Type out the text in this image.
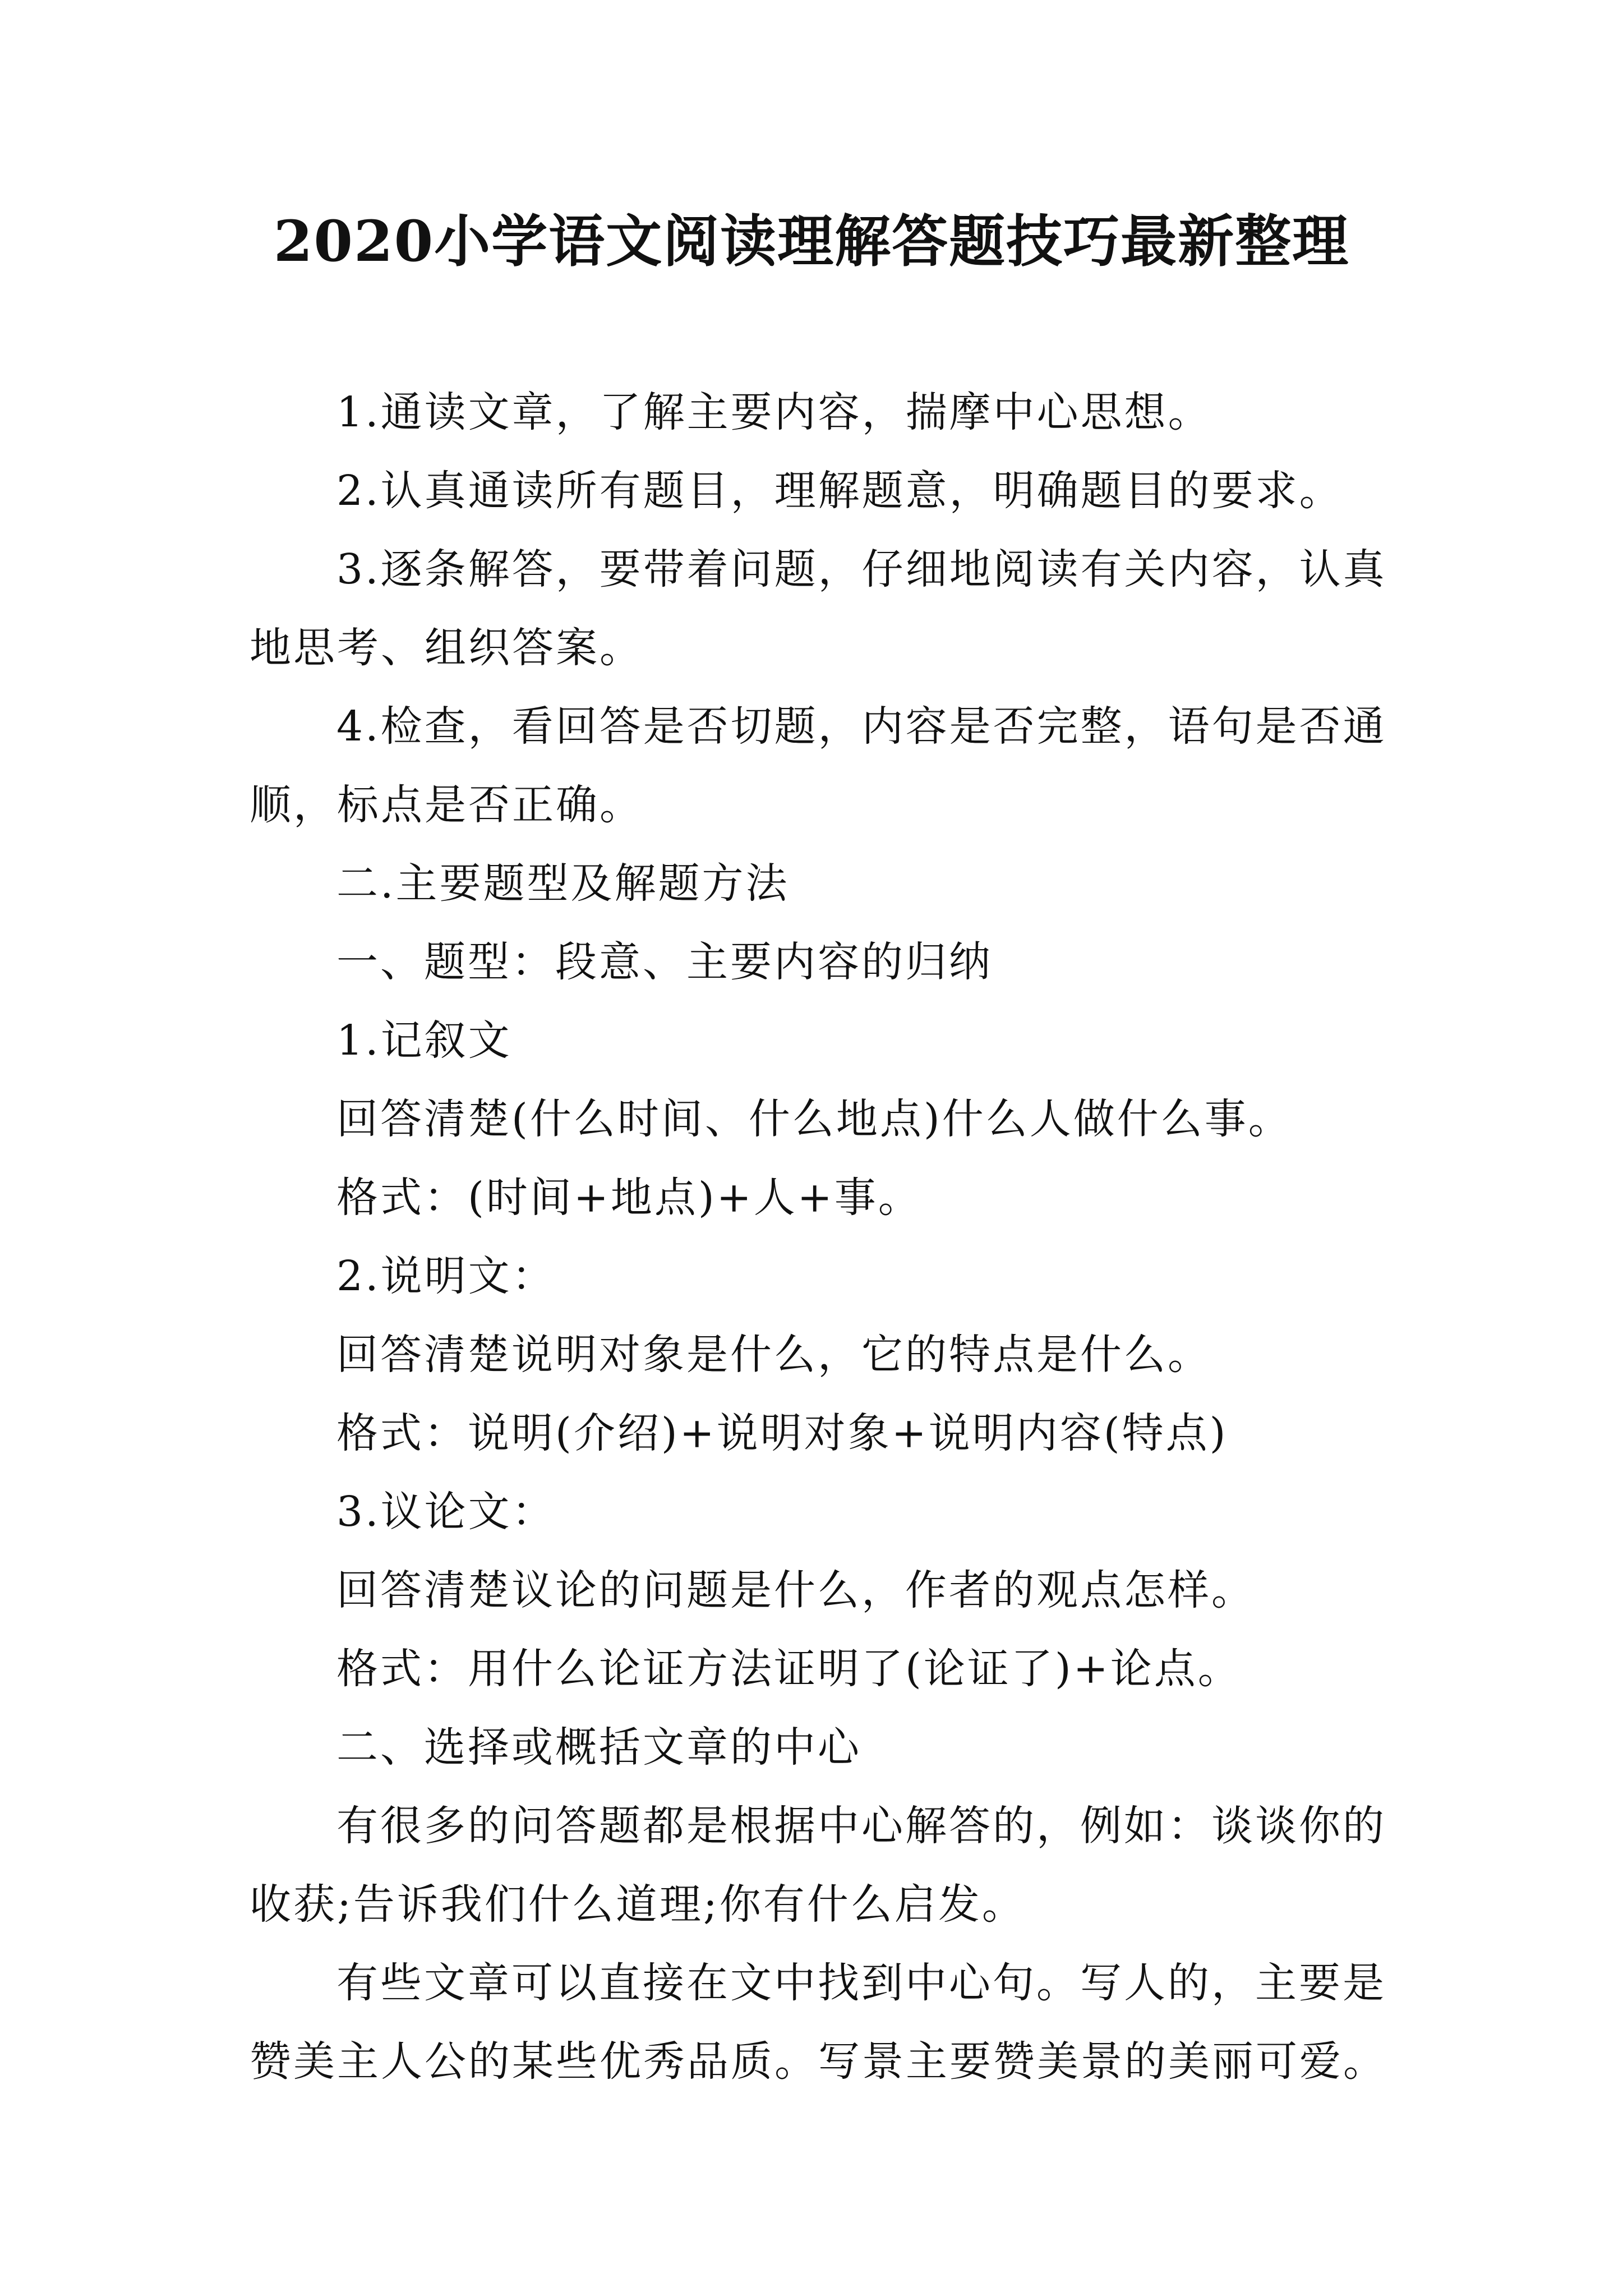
2020小学语文阅读理解答题技巧最新整理

1.通读文章，了解主要内容，揣摩中心思想。

2.认真通读所有题目，理解题意，明确题目的要求。

3.逐条解答，要带着问题，仔细地阅读有关内容，认真地思考、组织答案。

4.检查，看回答是否切题，内容是否完整，语句是否通顺，标点是否正确。

二.主要题型及解题方法

一、题型：段意、主要内容的归纳

1.记叙文

回答清楚(什么时间、什么地点)什么人做什么事。

格式：(时间+地点)+人+事。

2.说明文：

回答清楚说明对象是什么，它的特点是什么。

格式：说明(介绍)+说明对象+说明内容(特点)

3.议论文：

回答清楚议论的问题是什么，作者的观点怎样。

格式：用什么论证方法证明了(论证了)+论点。

二、选择或概括文章的中心

有很多的问答题都是根据中心解答的，例如：谈谈你的收获;告诉我们什么道理;你有什么启发。

有些文章可以直接在文中找到中心句。写人的，主要是赞美主人公的某些优秀品质。写景主要赞美景的美丽可爱。
